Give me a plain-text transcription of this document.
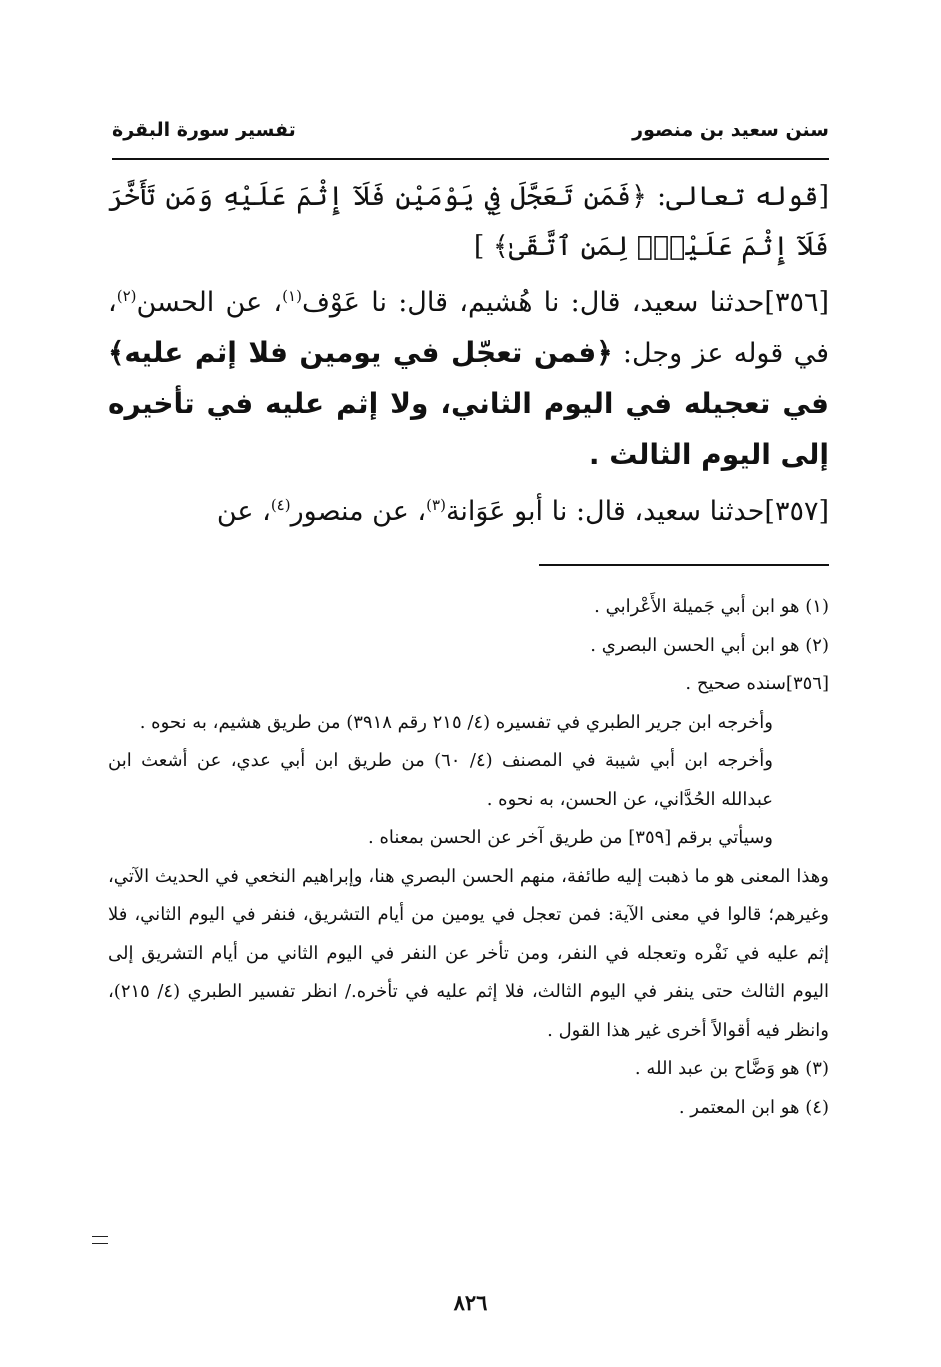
سنن سعيد بن منصور
تفسير سورة البقرة

[قوله تعالى: ﴿فَمَن تَعَجَّلَ فِي يَوْمَيْنِ فَلَآ إِثْمَ عَلَيْهِ وَمَن تَأَخَّرَ فَلَآ إِثْمَ عَلَيْهِۚ لِمَنِ ٱتَّقَىٰ﴾ ]

[٣٥٦]حدثنا سعيد، قال: نا هُشيم، قال: نا عَوْف$^{(١)}$، عن الحسن$^{(٢)}$، في قوله عز وجل: ﴿فمن تعجّل في يومين فلا إثم عليه﴾ في تعجيله في اليوم الثاني، ولا إثم عليه في تأخيره إلى اليوم الثالث .

[٣٥٧]حدثنا سعيد، قال: نا أبو عَوَانة$^{(٣)}$، عن منصور$^{(٤)}$، عن

(١) هو ابن أبي جَميلة الأَعْرابي .

(٢) هو ابن أبي الحسن البصري .

[٣٥٦]سنده صحيح .

وأخرجه ابن جرير الطبري في تفسيره (٤/ ٢١٥ رقم ٣٩١٨) من طريق هشيم، به نحوه .

وأخرجه ابن أبي شيبة في المصنف (٤/ ٦٠) من طريق ابن أبي عدي، عن أشعث ابن عبدالله الحُدَّاني، عن الحسن، به نحوه .

وسيأتي برقم [٣٥٩] من طريق آخر عن الحسن بمعناه .

وهذا المعنى هو ما ذهبت إليه طائفة، منهم الحسن البصري هنا، وإبراهيم النخعي في الحديث الآتي، وغيرهم؛ قالوا في معنى الآية: فمن تعجل في يومين من أيام التشريق، فنفر في اليوم الثاني، فلا إثم عليه في نَفْره وتعجله في النفر، ومن تأخر عن النفر في اليوم الثاني من أيام التشريق إلى اليوم الثالث حتى ينفر في اليوم الثالث، فلا إثم عليه في تأخره./ انظر تفسير الطبري (٤/ ٢١٥)، وانظر فيه أقوالاً أخرى غير هذا القول .

(٣) هو وَضَّاح بن عبد الله .

(٤) هو ابن المعتمر .

٨٢٦
